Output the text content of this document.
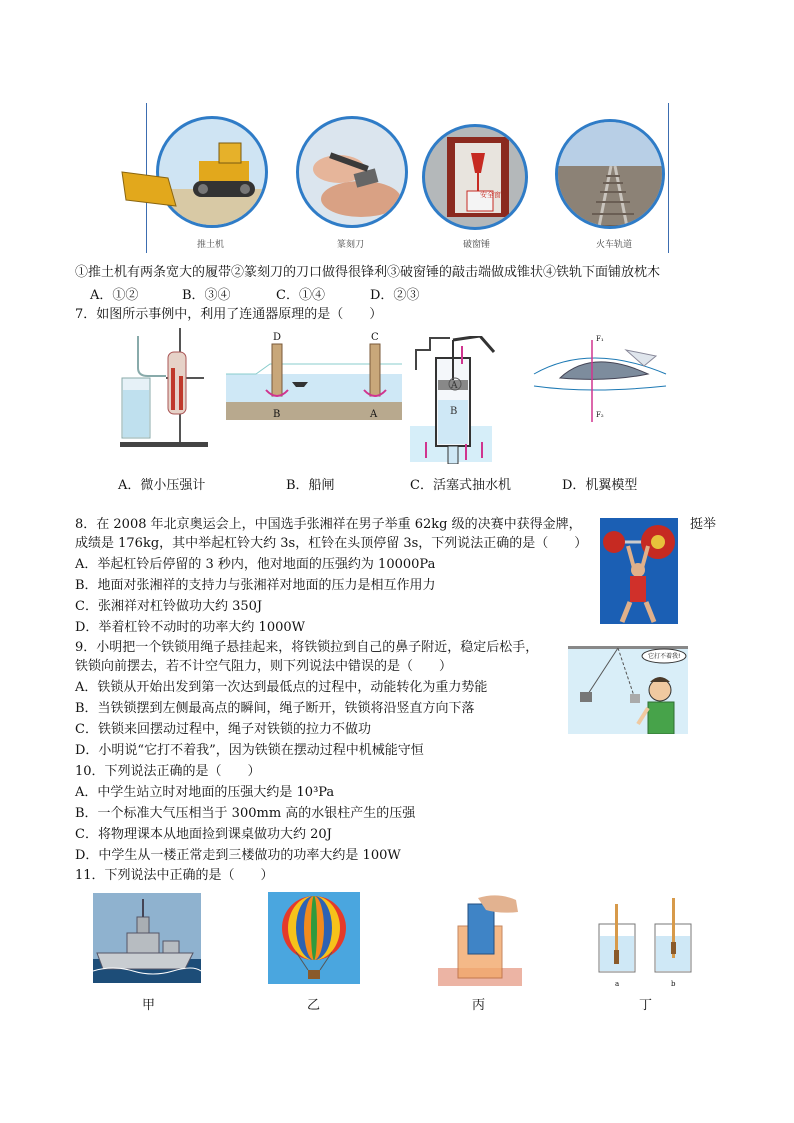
推土机	篆刻刀
安全窗
破窗锤	火车轨道
①推土机有两条宽大的履带②篆刻刀的刀口做得很锋利③破窗锤的敲击端做成锥状④铁轨下面铺放枕木
A．①②	B．③④	C．①④	D．②③
7．如图所示事例中，利用了连通器原理的是（　　）
A．微小压强计
D	C
B	A
B．船闸
A
B
C．活塞式抽水机
F₁
F₂
D．机翼模型
8．在 2008 年北京奥运会上，中国选手张湘祥在男子举重 62kg 级的决赛中获得金牌，	挺举
成绩是 176kg，其中举起杠铃大约 3s，杠铃在头顶停留 3s，下列说法正确的是（　　）
A．举起杠铃后停留的 3 秒内，他对地面的压强约为 10000Pa
B．地面对张湘祥的支持力与张湘祥对地面的压力是相互作用力
C．张湘祥对杠铃做功大约 350J
D．举着杠铃不动时的功率大约 1000W
9．小明把一个铁锁用绳子悬挂起来，将铁锁拉到自己的鼻子附近，稳定后松手，
铁锁向前摆去，若不计空气阻力，则下列说法中错误的是（　　）
A．铁锁从开始出发到第一次达到最低点的过程中，动能转化为重力势能
B．当铁锁摆到左侧最高点的瞬间，绳子断开，铁锁将沿竖直方向下落
C．铁锁来回摆动过程中，绳子对铁锁的拉力不做功
D．小明说“它打不着我”，因为铁锁在摆动过程中机械能守恒
它打不着我!
10．下列说法正确的是（　　）
A．中学生站立时对地面的压强大约是 10³Pa
B．一个标准大气压相当于 300mm 高的水银柱产生的压强
C．将物理课本从地面捡到课桌做功大约 20J
D．中学生从一楼正常走到三楼做功的功率大约是 100W
11．下列说法中正确的是（　　）
甲	乙	丙
a	b
丁
